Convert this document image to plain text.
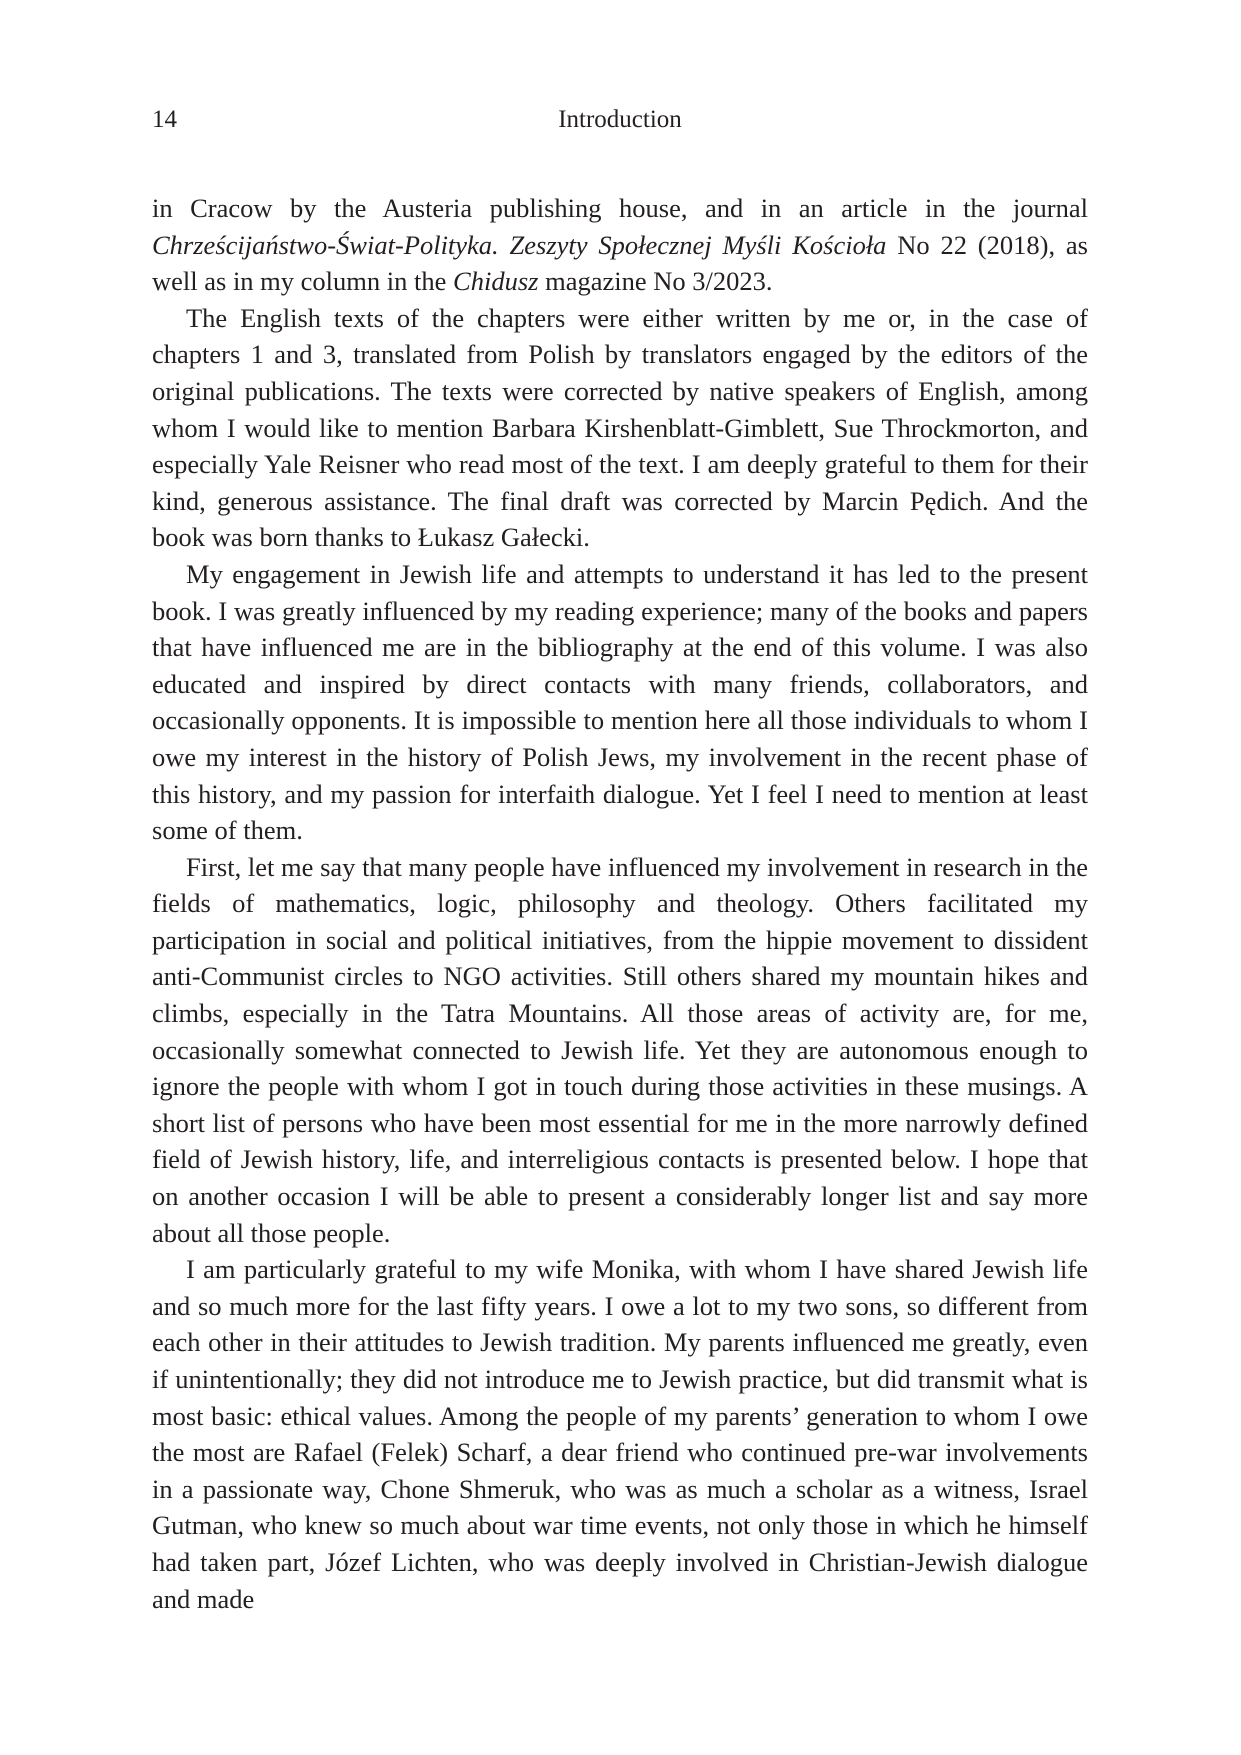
14	Introduction

in Cracow by the Austeria publishing house, and in an article in the journal Chrześcijaństwo-Świat-Polityka. Zeszyty Społecznej Myśli Kościoła No 22 (2018), as well as in my column in the Chidusz magazine No 3/2023.

The English texts of the chapters were either written by me or, in the case of chapters 1 and 3, translated from Polish by translators engaged by the editors of the original publications. The texts were corrected by native speakers of English, among whom I would like to mention Barbara Kirshenblatt-Gimblett, Sue Throckmorton, and especially Yale Reisner who read most of the text. I am deeply grateful to them for their kind, generous assistance. The final draft was corrected by Marcin Pędich. And the book was born thanks to Łukasz Gałecki.

My engagement in Jewish life and attempts to understand it has led to the present book. I was greatly influenced by my reading experience; many of the books and papers that have influenced me are in the bibliography at the end of this volume. I was also educated and inspired by direct contacts with many friends, collaborators, and occasionally opponents. It is impossible to mention here all those individuals to whom I owe my interest in the history of Polish Jews, my involvement in the recent phase of this history, and my passion for interfaith dialogue. Yet I feel I need to mention at least some of them.

First, let me say that many people have influenced my involvement in research in the fields of mathematics, logic, philosophy and theology. Others facilitated my participation in social and political initiatives, from the hippie movement to dissident anti-Communist circles to NGO activities. Still others shared my mountain hikes and climbs, especially in the Tatra Mountains. All those areas of activity are, for me, occasionally somewhat connected to Jewish life. Yet they are autonomous enough to ignore the people with whom I got in touch during those activities in these musings. A short list of persons who have been most essential for me in the more narrowly defined field of Jewish history, life, and interreligious contacts is presented below. I hope that on another occasion I will be able to present a considerably longer list and say more about all those people.

I am particularly grateful to my wife Monika, with whom I have shared Jewish life and so much more for the last fifty years. I owe a lot to my two sons, so different from each other in their attitudes to Jewish tradition. My parents influenced me greatly, even if unintentionally; they did not introduce me to Jewish practice, but did transmit what is most basic: ethical values. Among the people of my parents’ generation to whom I owe the most are Rafael (Felek) Scharf, a dear friend who continued pre-war involvements in a passionate way, Chone Shmeruk, who was as much a scholar as a witness, Israel Gutman, who knew so much about war time events, not only those in which he himself had taken part, Józef Lichten, who was deeply involved in Christian-Jewish dialogue and made
